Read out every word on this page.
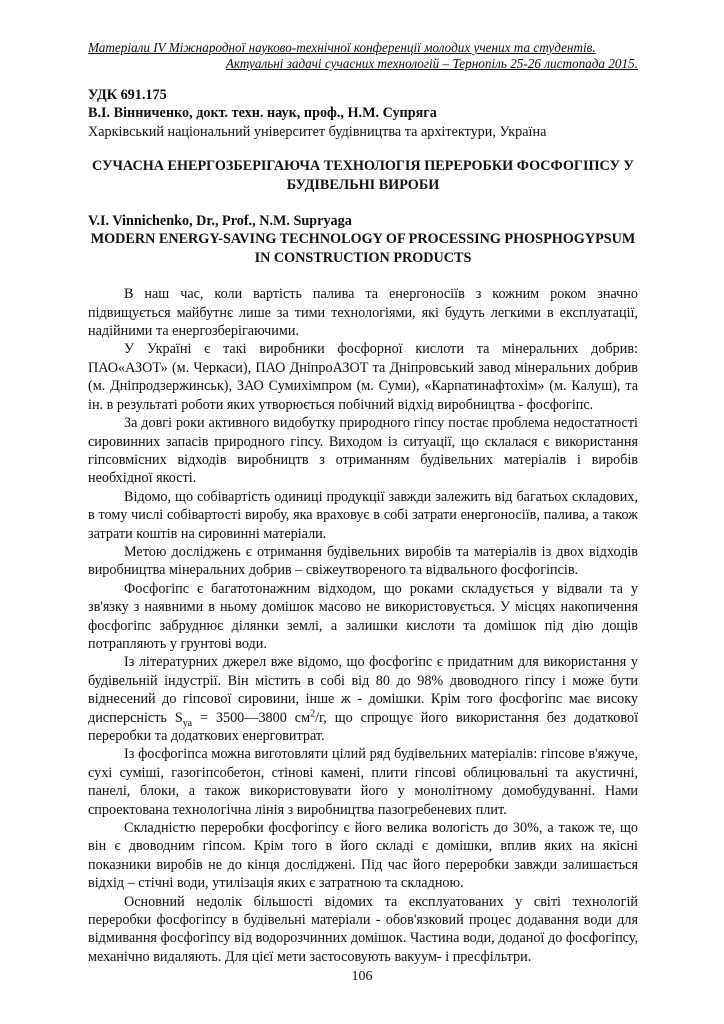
Матеріали IV Міжнародної науково-технічної конференції молодих учених та студентів.
Актуальні задачі сучасних технологій – Тернопіль 25-26 листопада 2015.
УДК 691.175
В.І. Вінниченко, докт. техн. наук, проф., Н.М. Супряга
Харківський національний університет будівництва та архітектури, Україна
СУЧАСНА ЕНЕРГОЗБЕРІГАЮЧА ТЕХНОЛОГІЯ ПЕРЕРОБКИ ФОСФОГІПСУ У БУДІВЕЛЬНІ ВИРОБИ
V.I. Vinnichenko, Dr., Prof., N.M. Supryaga
MODERN ENERGY-SAVING TECHNOLOGY OF PROCESSING PHOSPHOGYPSUM IN CONSTRUCTION PRODUCTS

В наш час, коли вартість палива та енергоносіїв з кожним роком значно підвищується майбутнє лише за тими технологіями, які будуть легкими в експлуатації, надійними та енергозберігаючими.

У Україні є такі виробники фосфорної кислоти та мінеральних добрив: ПАО«АЗОТ» (м. Черкаси), ПАО ДніпроАЗОТ та Дніпровський завод мінеральних добрив (м. Дніпродзержинськ), ЗАО Сумихімпром (м. Суми), «Карпатинафтохім» (м. Калуш), та ін. в результаті роботи яких утворюється побічний відхід виробництва - фосфогіпс.

За довгі роки активного видобутку природного гіпсу постає проблема недостатності сировинних запасів природного гіпсу. Виходом із ситуації, що склалася є використання гіпсовмісних відходів виробництв з отриманням будівельних матеріалів і виробів необхідної якості.

Відомо, що собівартість одиниці продукції завжди залежить від багатьох складових, в тому числі собівартості виробу, яка враховує в собі затрати енергоносіїв, палива, а також затрати коштів на сировинні матеріали.

Метою досліджень є отримання будівельних виробів та матеріалів із двох відходів виробництва мінеральних добрив – свіжеутвореного та відвального фосфогіпсів.

Фосфогіпс є багатотонажним відходом, що роками складується у відвали та у зв'язку з наявними в ньому домішок масово не використовується. У місцях накопичення фосфогіпс забруднює ділянки землі, а залишки кислоти та домішок під дію дощів потрапляють у грунтові води.

Із літературних джерел вже відомо, що фосфогіпс є придатним для використання у будівельній індустрії. Він містить в собі від 80 до 98% двоводного гіпсу і може бути віднесений до гіпсової сировини, інше ж - домішки. Крім того фосфогіпс має високу дисперсність $S_{уа}$ = 3500—3800 $см^2/г$, що спрощує його використання без додаткової переробки та додаткових енерговитрат.

Із фосфогіпса можна виготовляти цілий ряд будівельних матеріалів: гіпсове в'яжуче, сухі суміші, газогіпсобетон, стінові камені, плити гіпсові облицювальні та акустичні, панелі, блоки, а також використовувати його у монолітному домобудуванні. Нами спроектована технологічна лінія з виробництва пазогребеневих плит.

Складністю переробки фосфогіпсу є його велика вологість до 30%, а також те, що він є двоводним гіпсом. Крім того в його складі є домішки, вплив яких на якісні показники виробів не до кінця досліджені. Під час його переробки завжди залишається відхід – стічні води, утилізація яких є затратною та складною.

Основний недолік більшості відомих та експлуатованих у світі технологій переробки фосфогіпсу в будівельні матеріали - обов'язковий процес додавання води для відмивання фосфогіпсу від водорозчинних домішок. Частина води, доданої до фосфогіпсу, механічно видаляють. Для цієї мети застосовують вакуум- і пресфільтри.

106
